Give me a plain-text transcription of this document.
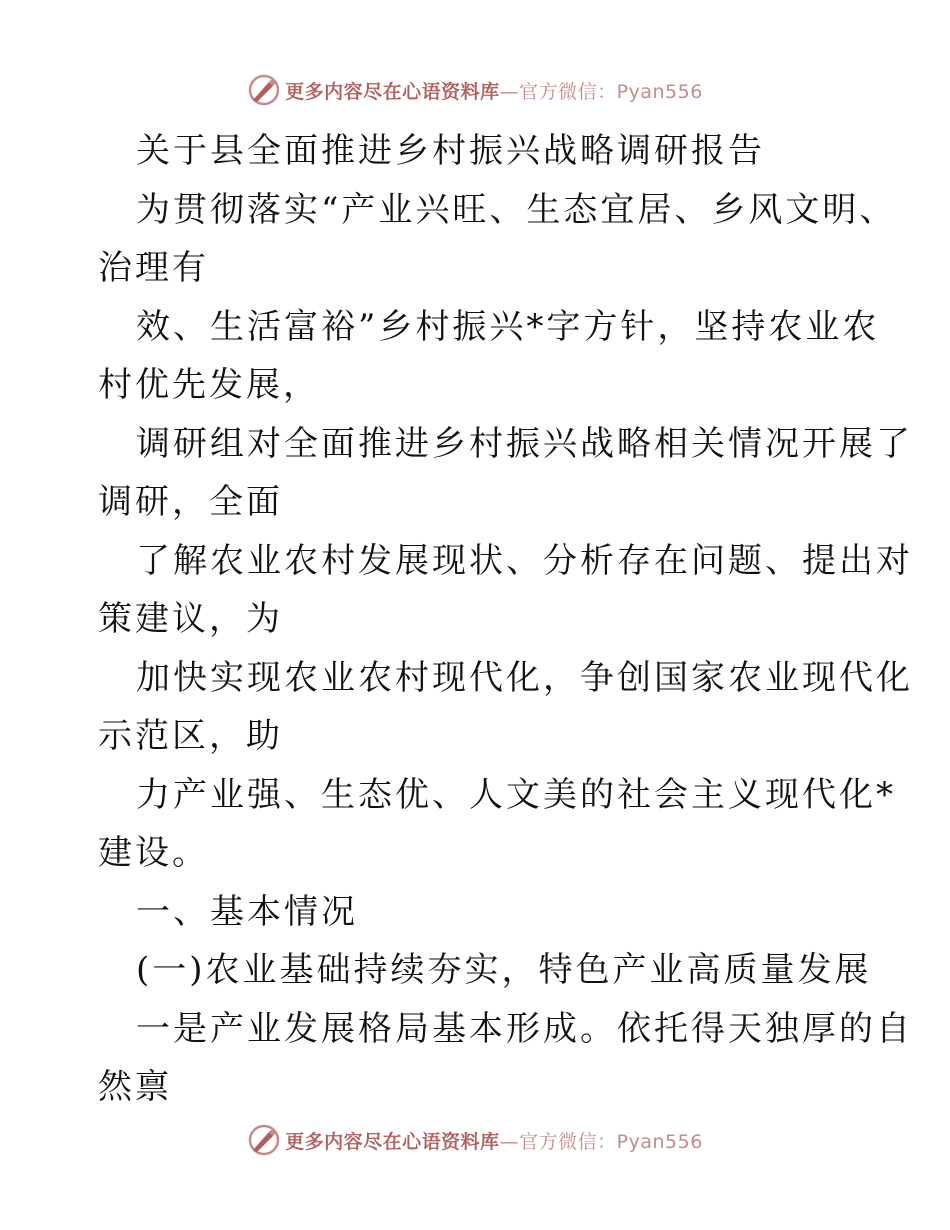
更多内容尽在心语资料库—官方微信：Pyan556
关于县全面推进乡村振兴战略调研报告
为贯彻落实“产业兴旺、生态宜居、乡风文明、
治理有
效、生活富裕”乡村振兴*字方针，坚持农业农
村优先发展，
调研组对全面推进乡村振兴战略相关情况开展了
调研，全面
了解农业农村发展现状、分析存在问题、提出对
策建议，为
加快实现农业农村现代化，争创国家农业现代化
示范区，助
力产业强、生态优、人文美的社会主义现代化*
建设。
一、基本情况
(一)农业基础持续夯实，特色产业高质量发展
一是产业发展格局基本形成。依托得天独厚的自
然禀
更多内容尽在心语资料库—官方微信：Pyan556
